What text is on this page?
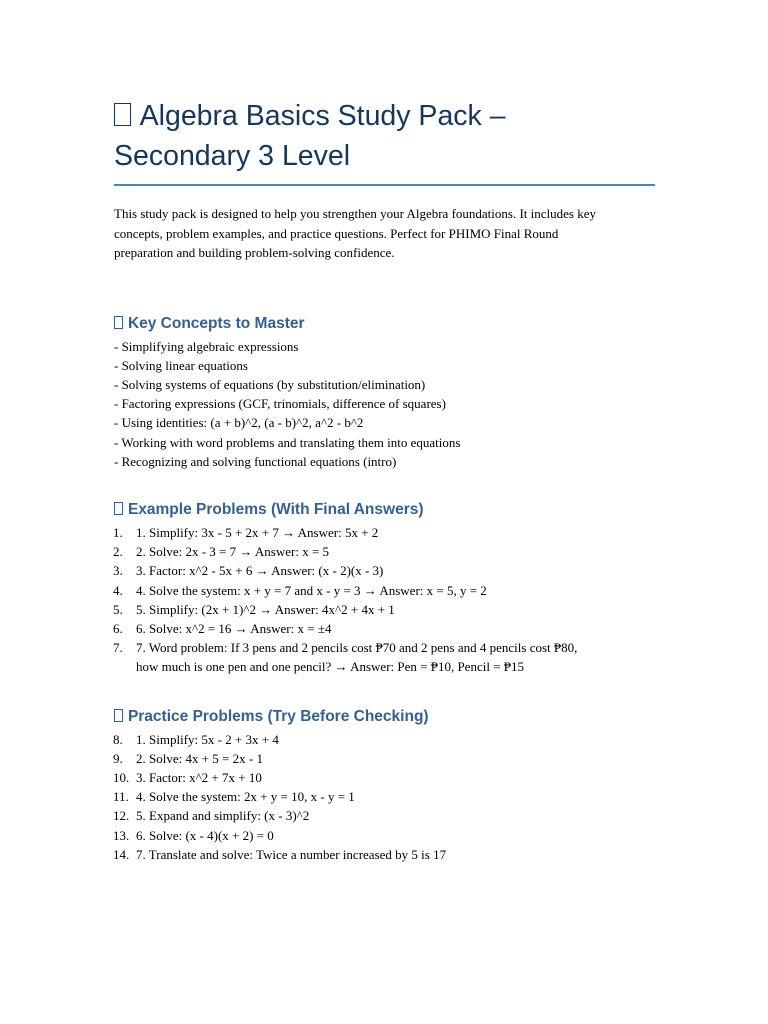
Algebra Basics Study Pack –
Secondary 3 Level

This study pack is designed to help you strengthen your Algebra foundations. It includes key
concepts, problem examples, and practice questions. Perfect for PHIMO Final Round
preparation and building problem-solving confidence.

Key Concepts to Master
- Simplifying algebraic expressions
- Solving linear equations
- Solving systems of equations (by substitution/elimination)
- Factoring expressions (GCF, trinomials, difference of squares)
- Using identities: (a + b)^2, (a - b)^2, a^2 - b^2
- Working with word problems and translating them into equations
- Recognizing and solving functional equations (intro)
Example Problems (With Final Answers)
1.	1. Simplify: 3x - 5 + 2x + 7 → Answer: 5x + 2
2.	2. Solve: 2x - 3 = 7 → Answer: x = 5
3.	3. Factor: x^2 - 5x + 6 → Answer: (x - 2)(x - 3)
4.	4. Solve the system: x + y = 7 and x - y = 3 → Answer: x = 5, y = 2
5.	5. Simplify: (2x + 1)^2 → Answer: 4x^2 + 4x + 1
6.	6. Solve: x^2 = 16 → Answer: x = ±4
7.	7. Word problem: If 3 pens and 2 pencils cost ₱70 and 2 pens and 4 pencils cost ₱80,
how much is one pen and one pencil? → Answer: Pen = ₱10, Pencil = ₱15
Practice Problems (Try Before Checking)
8.	1. Simplify: 5x - 2 + 3x + 4
9.	2. Solve: 4x + 5 = 2x - 1
10. 3. Factor: x^2 + 7x + 10
11. 4. Solve the system: 2x + y = 10, x - y = 1
12. 5. Expand and simplify: (x - 3)^2
13. 6. Solve: (x - 4)(x + 2) = 0
14. 7. Translate and solve: Twice a number increased by 5 is 17
